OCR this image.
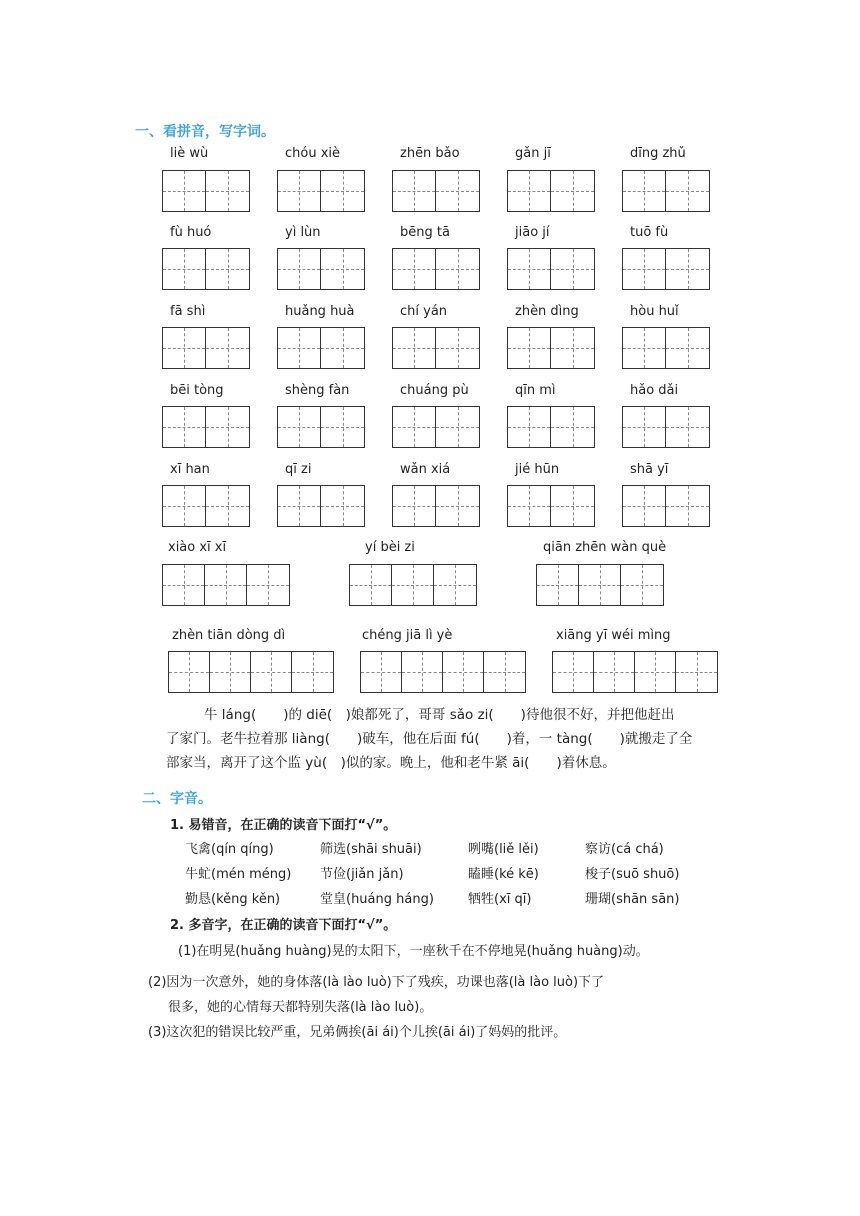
一、看拼音，写字词。
liè wù	chóu xiè	zhēn bǎo	gǎn jī	dīng zhǔ
fù huó	yì lùn	bēng tā	jiāo jí	tuō fù
fā shì	huǎng huà	chí yán	zhèn dìng	hòu huǐ
bēi tòng	shèng fàn	chuáng pù	qīn mì	hǎo dǎi
xī han	qī zi	wǎn xiá	jié hūn	shā yī
xiào xī xī	yí bèi zi	qiān zhēn wàn què
zhèn tiān dòng dì	chéng jiā lì yè	xiāng yī wéi mìng
牛 láng(　　)的 diē(　)娘都死了，哥哥 sǎo zi(　　)待他很不好，并把他赶出
了家门。老牛拉着那 liàng(　　)破车，他在后面 fú(　　)着，一 tàng(　　)就搬走了全
部家当，离开了这个监 yù(　)似的家。晚上，他和老牛紧 āi(　　)着休息。
二、字音。
1. 易错音，在正确的读音下面打“√”。
飞禽(qín qíng)	筛选(shāi shuāi)	咧嘴(liě lěi)	察访(cá chá)
牛虻(mén méng) 节俭(jiǎn jǎn)	瞌睡(ké kē)	梭子(suō shuō)
勤恳(kěng kěn)	堂皇(huáng háng)	牺牲(xī qī)	珊瑚(shān sān)
2. 多音字，在正确的读音下面打“√”。
(1)在明晃(huǎng huàng)晃的太阳下，一座秋千在不停地晃(huǎng huàng)动。
(2)因为一次意外，她的身体落(là lào luò)下了残疾，功课也落(là lào luò)下了
很多，她的心情每天都特别失落(là lào luò)。
(3)这次犯的错误比较严重，兄弟俩挨(āi ái)个儿挨(āi ái)了妈妈的批评。
